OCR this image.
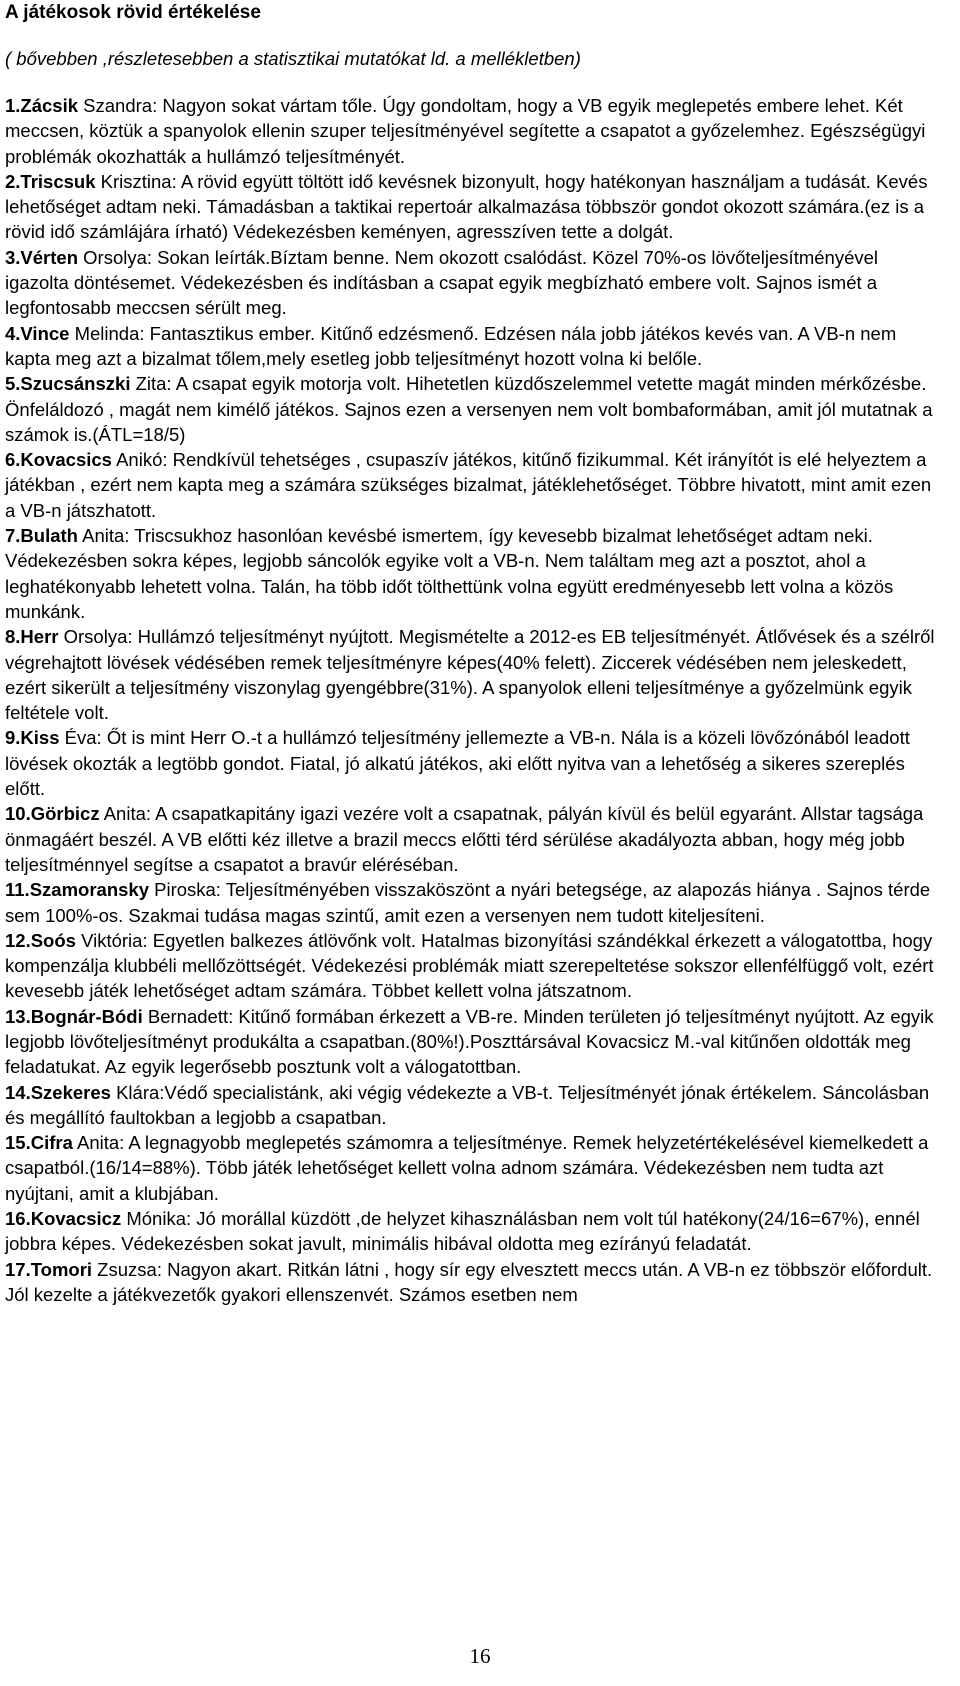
A játékosok rövid értékelése
( bővebben ,részletesebben a statisztikai mutatókat ld. a mellékletben)

1.Zácsik Szandra: Nagyon sokat vártam tőle. Úgy gondoltam, hogy a VB egyik meglepetés embere lehet. Két meccsen, köztük a spanyolok ellenin szuper teljesítményével segítette a csapatot a győzelemhez. Egészségügyi problémák okozhatták a hullámzó teljesítményét.

2.Triscsuk Krisztina: A rövid együtt töltött idő kevésnek bizonyult, hogy hatékonyan használjam a tudását. Kevés lehetőséget adtam neki. Támadásban a taktikai repertoár alkalmazása többször gondot okozott számára.(ez is a rövid idő számlájára írható) Védekezésben keményen, agresszíven tette a dolgát.

3.Vérten Orsolya: Sokan leírták.Bíztam benne. Nem okozott csalódást. Közel 70%-os lövőteljesítményével igazolta döntésemet. Védekezésben és indításban a csapat egyik megbízható embere volt. Sajnos ismét a legfontosabb meccsen sérült meg.

4.Vince Melinda: Fantasztikus ember. Kitűnő edzésmenő. Edzésen nála jobb játékos kevés van. A VB-n nem kapta meg azt a bizalmat tőlem,mely esetleg jobb teljesítményt hozott volna ki belőle.

5.Szucsánszki Zita: A csapat egyik motorja volt. Hihetetlen küzdőszelemmel vetette magát minden mérkőzésbe. Önfeláldozó , magát nem kimélő játékos. Sajnos ezen a versenyen nem volt bombaformában, amit jól mutatnak a számok is.(ÁTL=18/5)

6.Kovacsics Anikó: Rendkívül tehetséges , csupaszív játékos, kitűnő fizikummal. Két irányítót is elé helyeztem a játékban , ezért nem kapta meg a számára szükséges bizalmat, játéklehetőséget. Többre hivatott, mint amit ezen a VB-n játszhatott.

7.Bulath Anita: Triscsukhoz hasonlóan kevésbé ismertem, így kevesebb bizalmat lehetőséget adtam neki. Védekezésben sokra képes, legjobb sáncolók egyike volt a VB-n. Nem találtam meg azt a posztot, ahol a leghatékonyabb lehetett volna. Talán, ha több időt tölthettünk volna együtt eredményesebb lett volna a közös munkánk.

8.Herr Orsolya: Hullámzó teljesítményt nyújtott. Megismételte a 2012-es EB teljesítményét. Átlővések és a szélről végrehajtott lövések védésében remek teljesítményre képes(40% felett). Ziccerek védésében nem jeleskedett, ezért sikerült a teljesítmény viszonylag gyengébbre(31%). A spanyolok elleni teljesítménye a győzelmünk egyik feltétele volt.

9.Kiss Éva: Őt is mint Herr O.-t a hullámzó teljesítmény jellemezte a VB-n. Nála is a közeli lövőzónából leadott lövések okozták a legtöbb gondot. Fiatal, jó alkatú játékos, aki előtt nyitva van a lehetőség a sikeres szereplés előtt.

10.Görbicz Anita: A csapatkapitány igazi vezére volt a csapatnak, pályán kívül és belül egyaránt. Allstar tagsága önmagáért beszél. A VB előtti kéz illetve a brazil meccs előtti térd sérülése akadályozta abban, hogy még jobb teljesítménnyel segítse a csapatot a bravúr eléréséban.

11.Szamoransky Piroska: Teljesítményében visszaköszönt a nyári betegsége, az alapozás hiánya . Sajnos térde sem 100%-os. Szakmai tudása magas szintű, amit ezen a versenyen nem tudott kiteljesíteni.

12.Soós Viktória: Egyetlen balkezes átlövőnk volt. Hatalmas bizonyítási szándékkal érkezett a válogatottba, hogy kompenzálja klubbéli mellőzöttségét. Védekezési problémák miatt szerepeltetése sokszor ellenfélfüggő volt, ezért kevesebb játék lehetőséget adtam számára. Többet kellett volna játszatnom.

13.Bognár-Bódi Bernadett: Kitűnő formában érkezett a VB-re. Minden területen jó teljesítményt nyújtott. Az egyik legjobb lövőteljesítményt produkálta a csapatban.(80%!).Poszttársával Kovacsicz M.-val kitűnően oldották meg feladatukat. Az egyik legerősebb posztunk volt a válogatottban.

14.Szekeres Klára:Védő specialistánk, aki végig védekezte a VB-t. Teljesítményét jónak értékelem. Sáncolásban és megállító faultokban a legjobb a csapatban.

15.Cifra Anita: A legnagyobb meglepetés számomra a teljesítménye. Remek helyzetértékelésével kiemelkedett a csapatból.(16/14=88%). Több játék lehetőséget kellett volna adnom számára. Védekezésben nem tudta azt nyújtani, amit a klubjában.

16.Kovacsicz Mónika: Jó morállal küzdött ,de helyzet kihasználásban nem volt túl hatékony(24/16=67%), ennél jobbra képes. Védekezésben sokat javult, minimális hibával oldotta meg ezírányú feladatát.

17.Tomori Zsuzsa: Nagyon akart. Ritkán látni , hogy sír egy elvesztett meccs után. A VB-n ez többször előfordult. Jól kezelte a játékvezetők gyakori ellenszenvét. Számos esetben nem

16
